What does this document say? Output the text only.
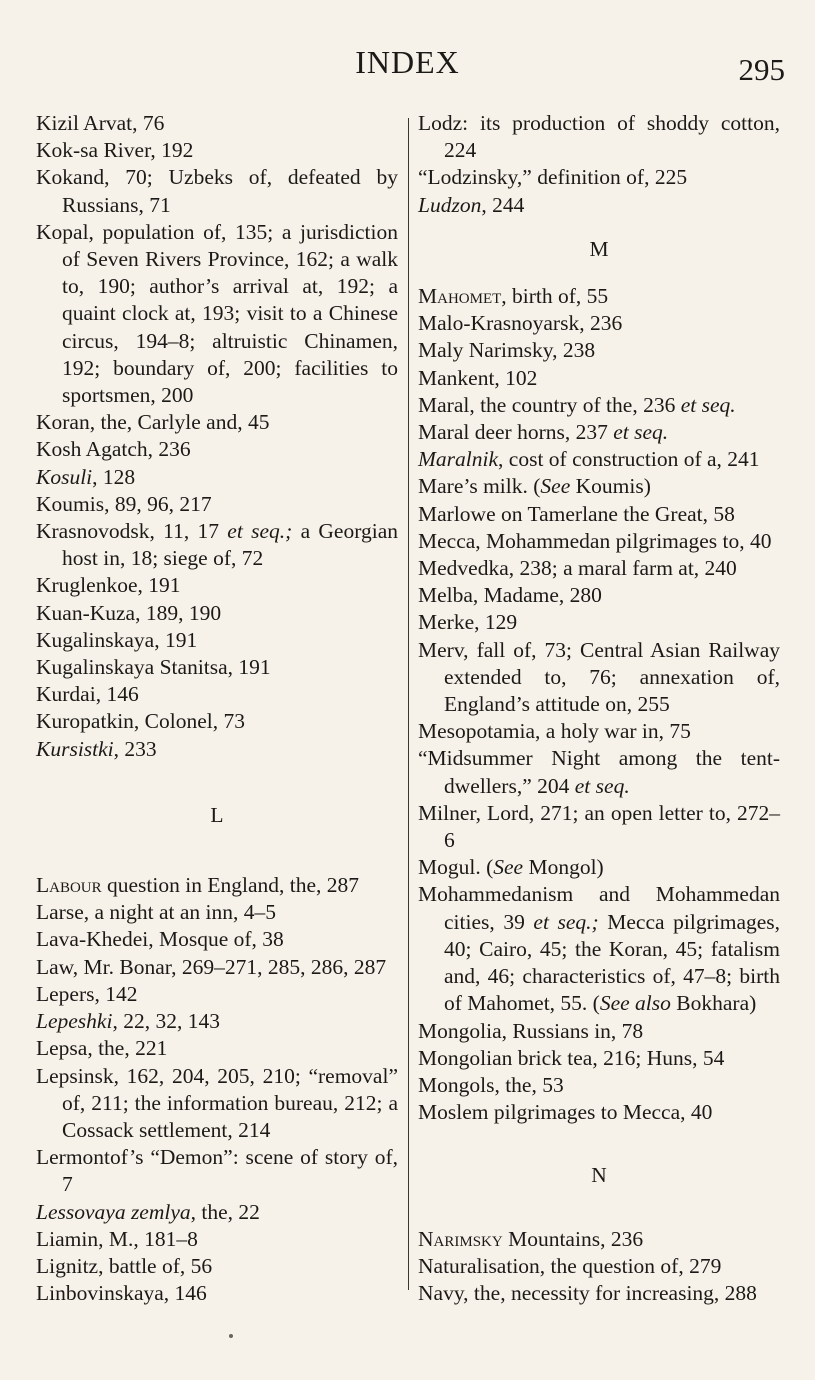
INDEX	295

Kizil Arvat, 76

Kok-sa River, 192

Kokand, 70; Uzbeks of, defeated by Russians, 71

Kopal, population of, 135; a jurisdiction of Seven Rivers Province, 162; a walk to, 190; author’s arrival at, 192; a quaint clock at, 193; visit to a Chinese circus, 194–8; altruistic Chinamen, 192; boundary of, 200; facilities to sportsmen, 200

Koran, the, Carlyle and, 45

Kosh Agatch, 236

Kosuli, 128

Koumis, 89, 96, 217

Krasnovodsk, 11, 17 et seq.; a Georgian host in, 18; siege of, 72

Kruglenkoe, 191

Kuan-Kuza, 189, 190

Kugalinskaya, 191

Kugalinskaya Stanitsa, 191

Kurdai, 146

Kuropatkin, Colonel, 73

Kursistki, 233

L

Labour question in England, the, 287

Larse, a night at an inn, 4–5

Lava-Khedei, Mosque of, 38

Law, Mr. Bonar, 269–271, 285, 286, 287

Lepers, 142

Lepeshki, 22, 32, 143

Lepsa, the, 221

Lepsinsk, 162, 204, 205, 210; “removal” of, 211; the information bureau, 212; a Cossack settlement, 214

Lermontof’s “Demon”: scene of story of, 7

Lessovaya zemlya, the, 22

Liamin, M., 181–8

Lignitz, battle of, 56

Linbovinskaya, 146

Lodz: its production of shoddy cotton, 224

“Lodzinsky,” definition of, 225

Ludzon, 244

M

Mahomet, birth of, 55

Malo-Krasnoyarsk, 236

Maly Narimsky, 238

Mankent, 102

Maral, the country of the, 236 et seq.

Maral deer horns, 237 et seq.

Maralnik, cost of construction of a, 241

Mare’s milk. (See Koumis)

Marlowe on Tamerlane the Great, 58

Mecca, Mohammedan pilgrimages to, 40

Medvedka, 238; a maral farm at, 240

Melba, Madame, 280

Merke, 129

Merv, fall of, 73; Central Asian Railway extended to, 76; annexation of, England’s attitude on, 255

Mesopotamia, a holy war in, 75

“Midsummer Night among the tent-dwellers,” 204 et seq.

Milner, Lord, 271; an open letter to, 272–6

Mogul. (See Mongol)

Mohammedanism and Mohammedan cities, 39 et seq.; Mecca pilgrimages, 40; Cairo, 45; the Koran, 45; fatalism and, 46; characteristics of, 47–8; birth of Mahomet, 55. (See also Bokhara)

Mongolia, Russians in, 78

Mongolian brick tea, 216; Huns, 54

Mongols, the, 53

Moslem pilgrimages to Mecca, 40

N

Narimsky Mountains, 236

Naturalisation, the question of, 279

Navy, the, necessity for increasing, 288
